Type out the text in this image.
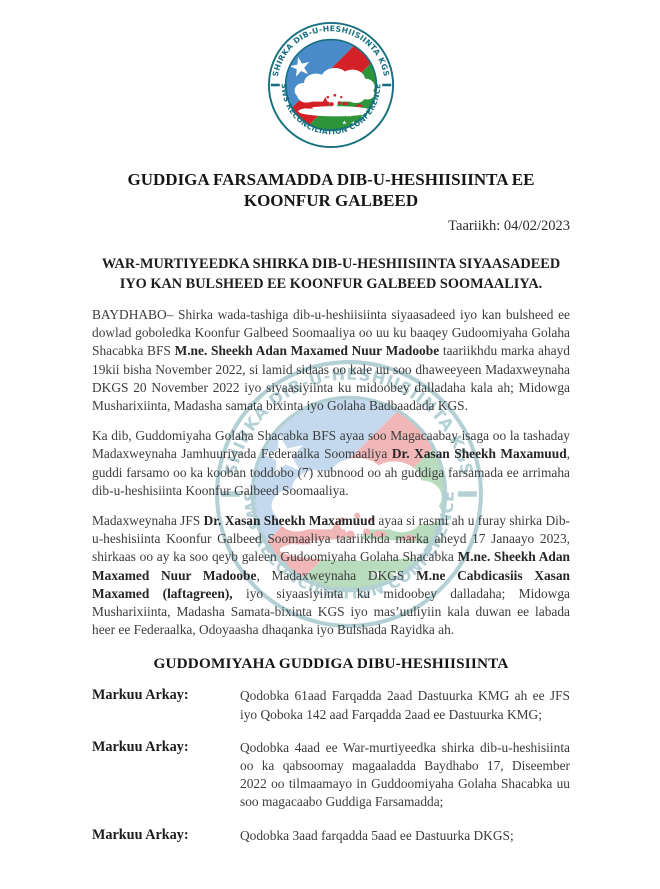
GUDDIGA FARSAMADDA DIB-U-HESHIISIINTA EE
KOONFUR GALBEED
Taariikh: 04/02/2023
WAR-MURTIYEEDKA SHIRKA DIB-U-HESHIISIINTA SIYAASADEED IYO KAN BULSHEED EE KOONFUR GALBEED SOOMAALIYA.

BAYDHABO– Shirka wada-tashiga dib-u-heshiisiinta siyaasadeed iyo kan bulsheed ee dowlad goboledka Koonfur Galbeed Soomaaliya oo uu ku baaqey Gudoomiyaha Golaha Shacabka BFS M.ne. Sheekh Adan Maxamed Nuur Madoobe taariikhdu marka ahayd 19kii bisha November 2022, si lamid sidaas oo kale uu soo dhaweeyeen Madaxweynaha DKGS 20 November 2022 iyo siyaasiyiinta ku midoobey dalladaha kala ah; Midowga Musharixiinta, Madasha samata bixinta iyo Golaha Badbaadada KGS.

Ka dib, Guddomiyaha Golaha Shacabka BFS ayaa soo Magacaabay isaga oo la tashaday Madaxweynaha Jamhuuriyada Federaalka Soomaaliya Dr. Xasan Sheekh Maxamuud, guddi farsamo oo ka kooban toddobo (7) xubnood oo ah guddiga farsamada ee arrimaha dib-u-heshisiinta Koonfur Galbeed Soomaaliya.

Madaxweynaha JFS Dr. Xasan Sheekh Maxamuud ayaa si rasmi ah u furay shirka Dib-u-heshisiinta Koonfur Galbeed Soomaaliya taariikhda marka aheyd 17 Janaayo 2023, shirkaas oo ay ka soo qeyb galeen Gudoomiyaha Golaha Shacabka M.ne. Sheekh Adan Maxamed Nuur Madoobe, Madaxweynaha DKGS M.ne Cabdicasiis Xasan Maxamed (laftagreen), iyo siyaasiyiinta ku midoobey dalladaha; Midowga Musharixiinta, Madasha Samata-bixinta KGS iyo mas’uuliyiin kala duwan ee labada heer ee Federaalka, Odoyaasha dhaqanka iyo Bulshada Rayidka ah.

GUDDOMIYAHA GUDDIGA DIBU-HESHIISIINTA
Markuu Arkay:	Qodobka 61aad Farqadda 2aad Dastuurka KMG ah ee JFS iyo Qoboka 142 aad Farqadda 2aad ee Dastuurka KMG;
Markuu Arkay:	Qodobka 4aad ee War-murtiyeedka shirka dib-u-heshisiinta oo ka qabsoomay magaaladda Baydhabo 17, Diseember 2022 oo tilmaamayo in Guddoomiyaha Golaha Shacabka uu soo magacaabo Guddiga Farsamadda;
Markuu Arkay:	Qodobka 3aad farqadda 5aad ee Dastuurka DKGS;
